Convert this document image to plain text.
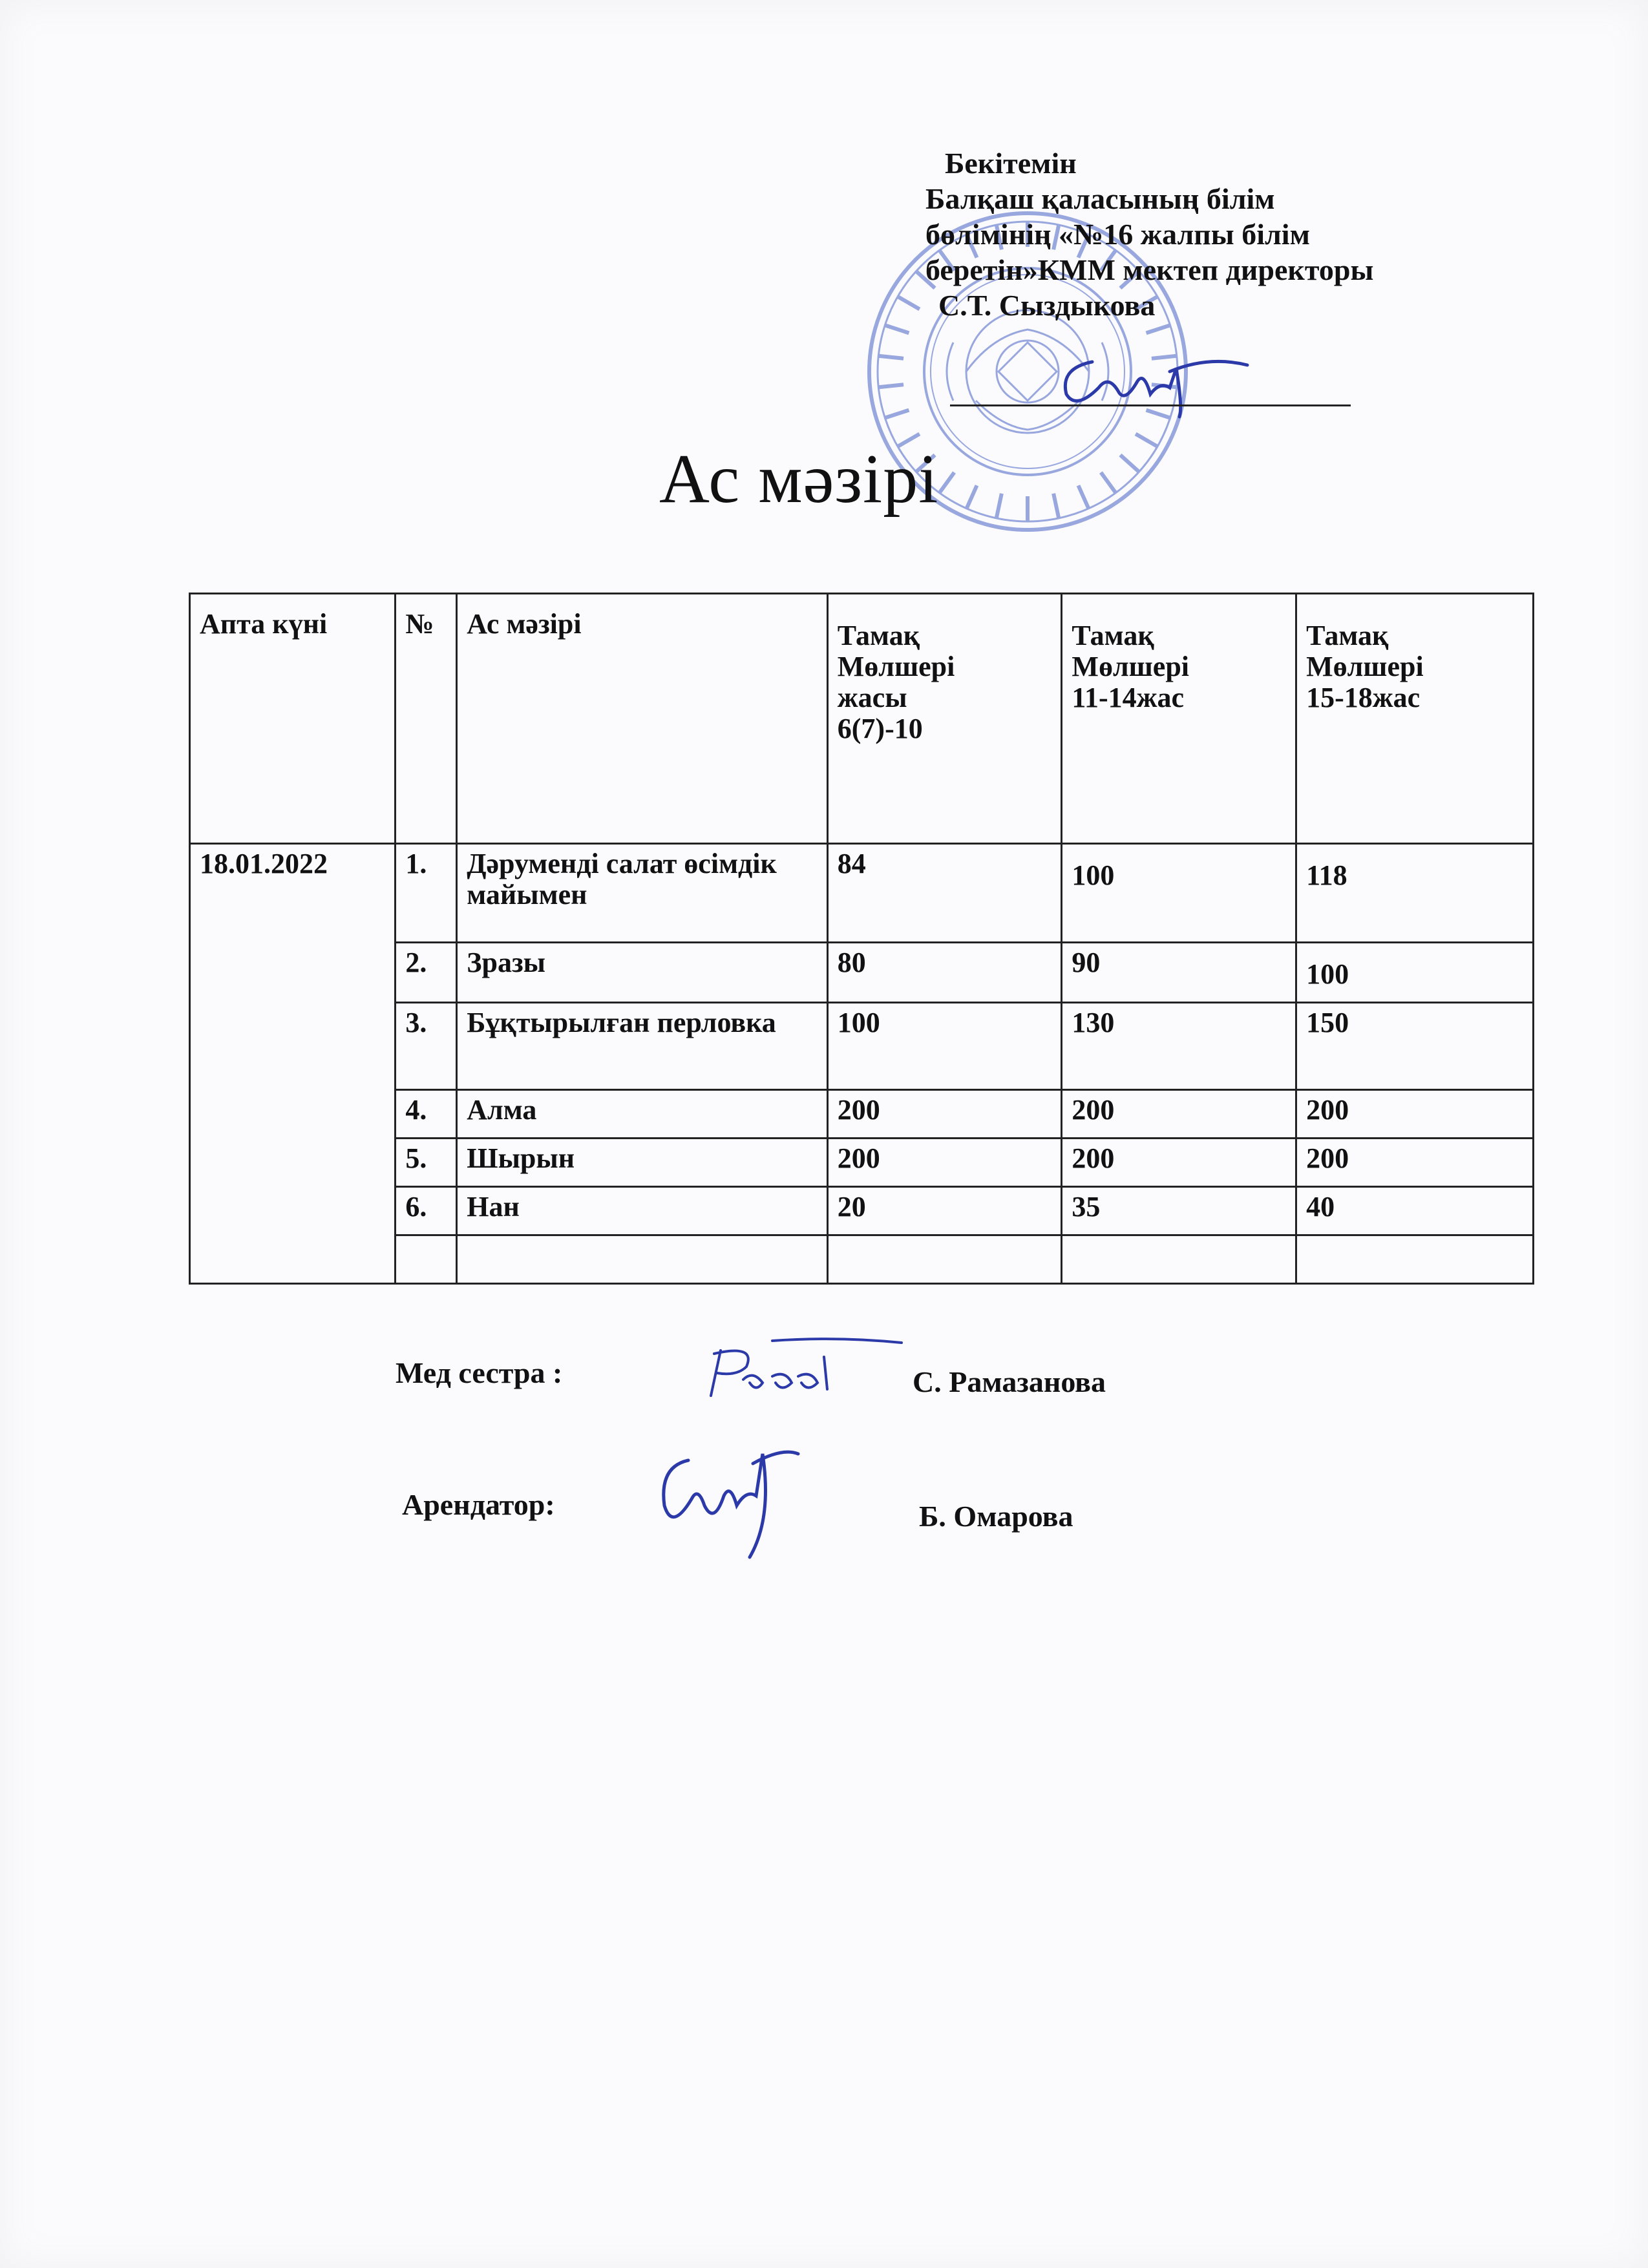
Бекітемін
Балқаш қаласының білім
бөлімінің «№16 жалпы білім
беретін»КММ мектеп директоры
С.Т. Сыздыкова
Ас мәзірі
Апта күні	№	Ас мәзірі	Тамақ
Мөлшері
жасы
6(7)-10	Тамақ
Мөлшері
11-14жас	Тамақ
Мөлшері
15-18жас

18.01.2022	1.	Дәруменді салат өсімдік майымен	84	100	118
	2.	Зразы	80	90	100
	3.	Бұқтырылған перловка	100	130	150
	4.	Алма	200	200	200
	5.	Шырын	200	200	200
	6.	Нан	20	35	40

Мед сестра :	С. Рамазанова
Арендатор:	Б. Омарова
